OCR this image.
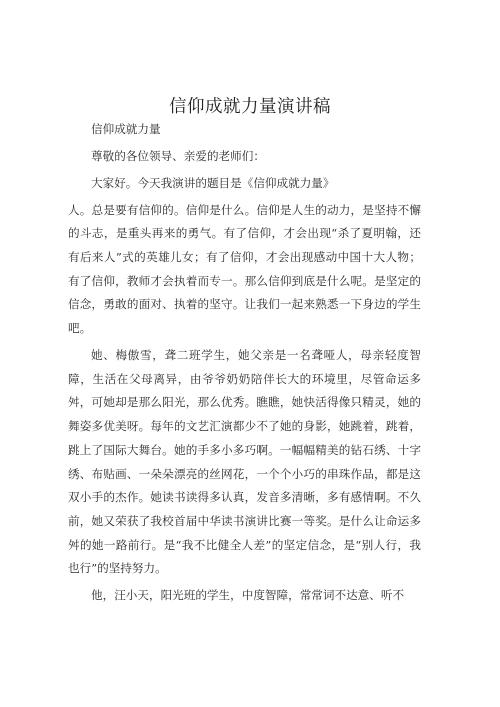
信仰成就力量演讲稿

信仰成就力量

尊敬的各位领导、亲爱的老师们：

大家好。今天我演讲的题目是《信仰成就力量》

人。总是要有信仰的。信仰是什么。信仰是人生的动力，是坚持不懈的斗志，是重头再来的勇气。有了信仰，才会出现“杀了夏明翰，还有后来人”式的英雄儿女；有了信仰，才会出现感动中国十大人物；有了信仰，教师才会执着而专一。那么信仰到底是什么呢。是坚定的信念，勇敢的面对、执着的坚守。让我们一起来熟悉一下身边的学生吧。

她、梅傲雪，聋二班学生，她父亲是一名聋哑人，母亲轻度智障，生活在父母离异，由爷爷奶奶陪伴长大的环境里，尽管命运多舛，可她却是那么阳光，那么优秀。瞧瞧，她快活得像只精灵，她的舞姿多优美呀。每年的文艺汇演都少不了她的身影，她跳着，跳着，跳上了国际大舞台。她的手多小多巧啊。一幅幅精美的钻石绣、十字绣、布贴画、一朵朵漂亮的丝网花，一个个小巧的串珠作品，都是这双小手的杰作。她读书读得多认真，发音多清晰，多有感情啊。不久前，她又荣获了我校首届中华读书演讲比赛一等奖。是什么让命运多舛的她一路前行。是“我不比健全人差”的坚定信念，是“别人行，我也行”的坚持努力。

他，汪小天，阳光班的学生，中度智障，常常词不达意、听不
